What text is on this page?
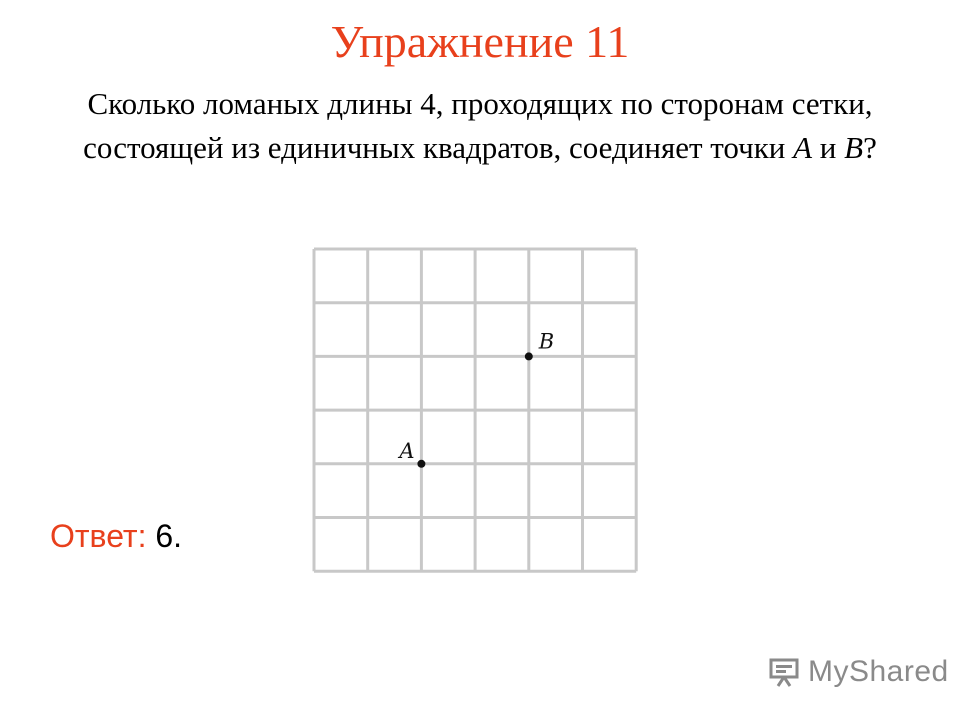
Упражнение 11
Сколько ломаных длины 4, проходящих по сторонам сетки, состоящей из единичных квадратов, соединяет точки A и B?
A
B
Ответ: 6.
MyShared
